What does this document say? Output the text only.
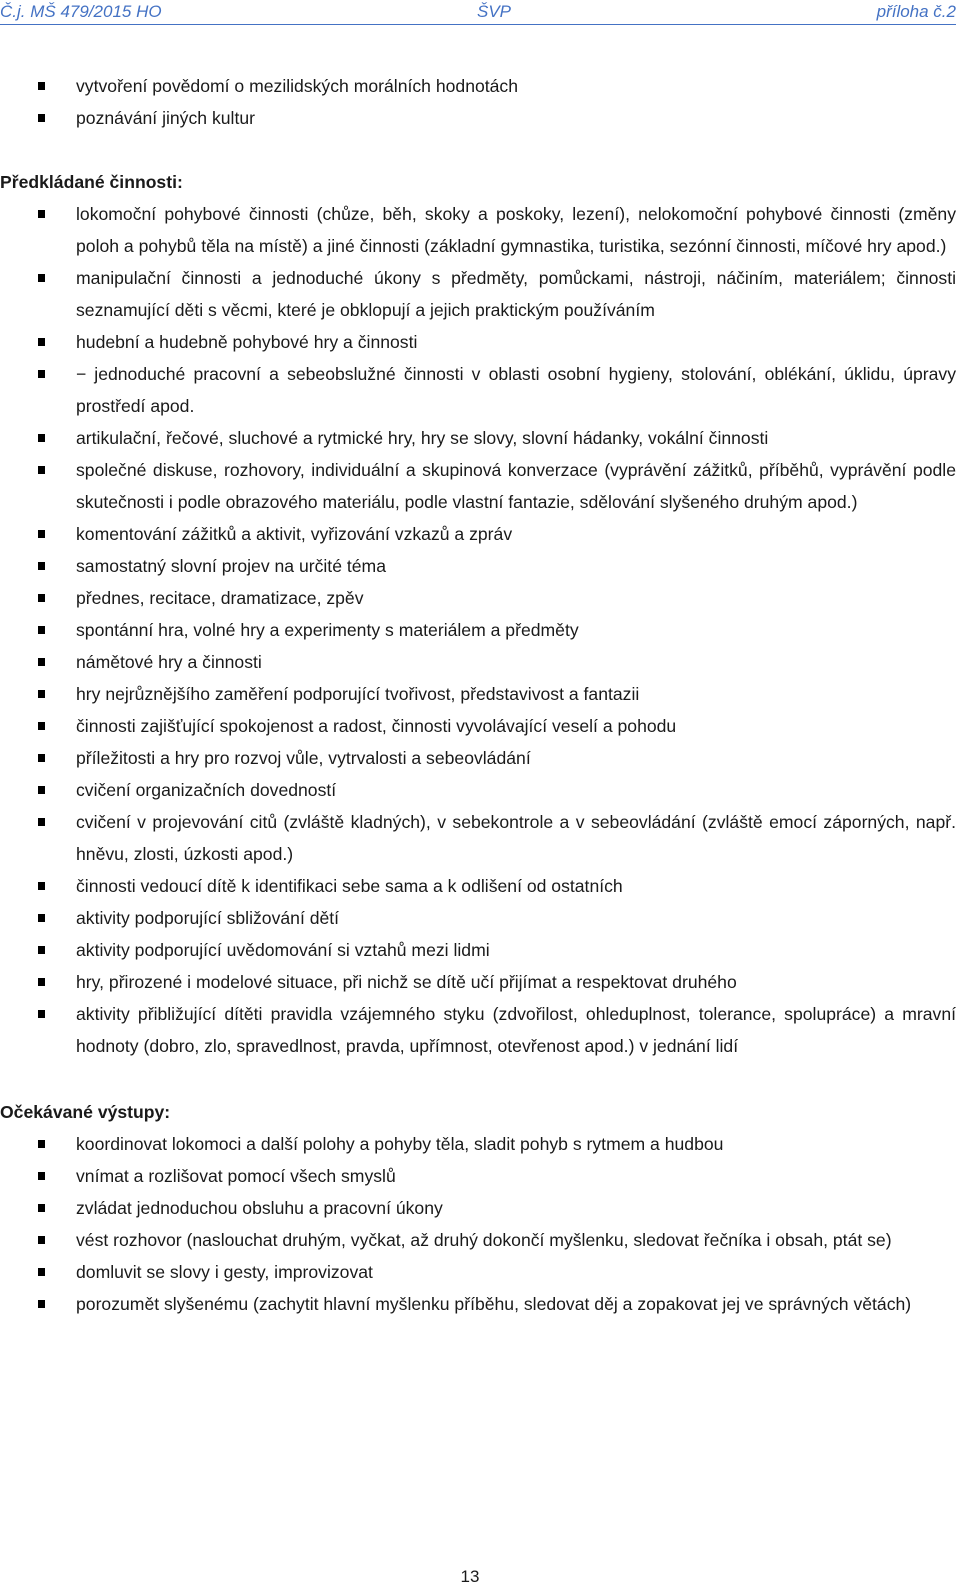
Č.j. MŠ 479/2015 HO	ŠVP	příloha č.2
vytvoření povědomí o mezilidských morálních hodnotách
poznávání jiných kultur

Předkládané činnosti:

lokomoční pohybové činnosti (chůze, běh, skoky a poskoky, lezení), nelokomoční pohybové činnosti (změny poloh a pohybů těla na místě) a jiné činnosti (základní gymnastika, turistika, sezónní činnosti, míčové hry apod.)
manipulační činnosti a jednoduché úkony s předměty, pomůckami, nástroji, náčiním, materiálem; činnosti seznamující děti s věcmi, které je obklopují a jejich praktickým používáním
hudební a hudebně pohybové hry a činnosti
− jednoduché pracovní a sebeobslužné činnosti v oblasti osobní hygieny, stolování, oblékání, úklidu, úpravy prostředí apod.
artikulační, řečové, sluchové a rytmické hry, hry se slovy, slovní hádanky, vokální činnosti
společné diskuse, rozhovory, individuální a skupinová konverzace (vyprávění zážitků, příběhů, vyprávění podle skutečnosti i podle obrazového materiálu, podle vlastní fantazie, sdělování slyšeného druhým apod.)
komentování zážitků a aktivit, vyřizování vzkazů a zpráv
samostatný slovní projev na určité téma
přednes, recitace, dramatizace, zpěv
spontánní hra, volné hry a experimenty s materiálem a předměty
námětové hry a činnosti
hry nejrůznějšího zaměření podporující tvořivost, představivost a fantazii
činnosti zajišťující spokojenost a radost, činnosti vyvolávající veselí a pohodu
příležitosti a hry pro rozvoj vůle, vytrvalosti a sebeovládání
cvičení organizačních dovedností
cvičení v projevování citů (zvláště kladných), v sebekontrole a v sebeovládání (zvláště emocí záporných, např. hněvu, zlosti, úzkosti apod.)
činnosti vedoucí dítě k identifikaci sebe sama a k odlišení od ostatních
aktivity podporující sbližování dětí
aktivity podporující uvědomování si vztahů mezi lidmi
hry, přirozené i modelové situace, při nichž se dítě učí přijímat a respektovat druhého
aktivity přibližující dítěti pravidla vzájemného styku (zdvořilost, ohleduplnost, tolerance, spolupráce) a mravní hodnoty (dobro, zlo, spravedlnost, pravda, upřímnost, otevřenost apod.) v jednání lidí

Očekávané výstupy:

koordinovat lokomoci a další polohy a pohyby těla, sladit pohyb s rytmem a hudbou
vnímat a rozlišovat pomocí všech smyslů
zvládat jednoduchou obsluhu a pracovní úkony
vést rozhovor (naslouchat druhým, vyčkat, až druhý dokončí myšlenku, sledovat řečníka i obsah, ptát se)
domluvit se slovy i gesty, improvizovat
porozumět slyšenému (zachytit hlavní myšlenku příběhu, sledovat děj a zopakovat jej ve správných větách)
13
